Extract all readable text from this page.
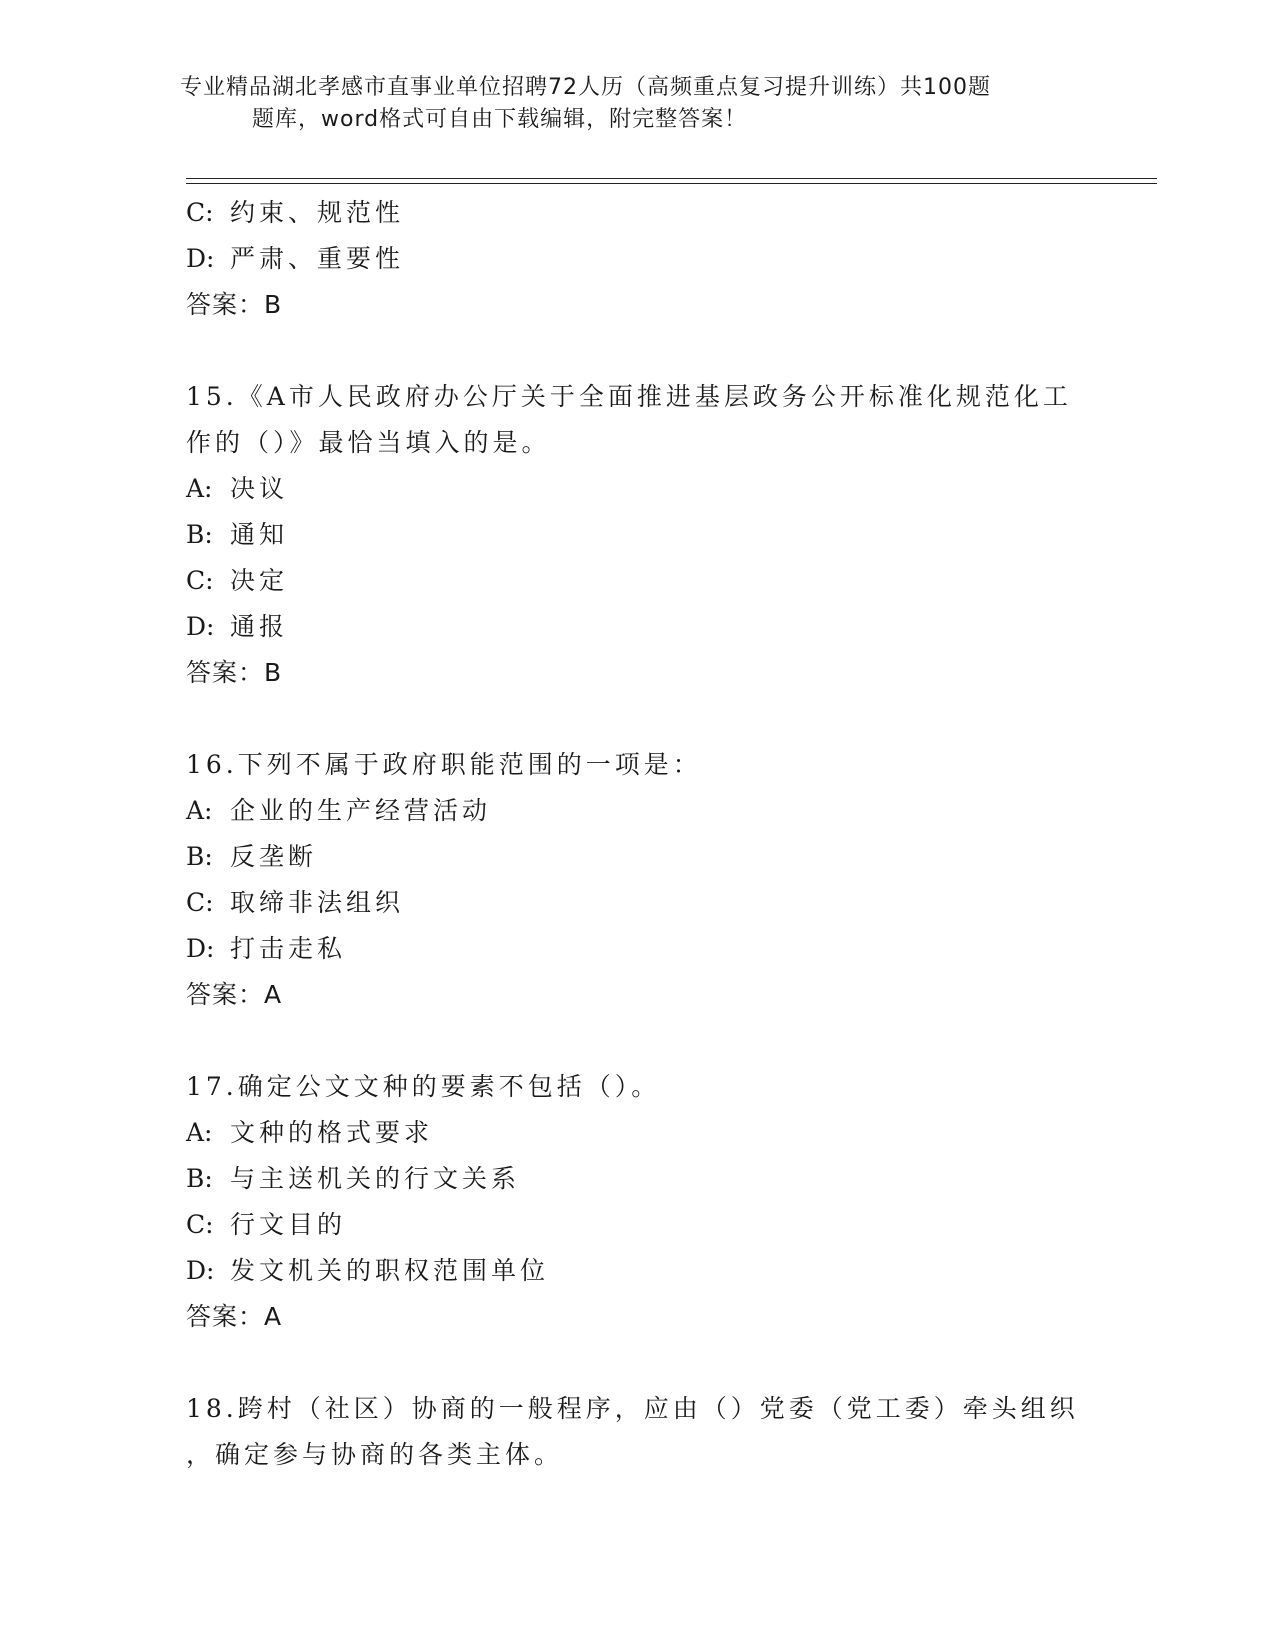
专业精品湖北孝感市直事业单位招聘72人历（高频重点复习提升训练）共100题
题库，word格式可自由下载编辑，附完整答案！
C: 约束、规范性
D: 严肃、重要性
答案：B
15.《A市人民政府办公厅关于全面推进基层政务公开标准化规范化工
作的（）》最恰当填入的是。
A: 决议
B: 通知
C: 决定
D: 通报
答案：B
16.下列不属于政府职能范围的一项是：
A: 企业的生产经营活动
B: 反垄断
C: 取缔非法组织
D: 打击走私
答案：A
17.确定公文文种的要素不包括（）。
A: 文种的格式要求
B: 与主送机关的行文关系
C: 行文目的
D: 发文机关的职权范围单位
答案：A
18.跨村（社区）协商的一般程序，应由（）党委（党工委）牵头组织
，确定参与协商的各类主体。
